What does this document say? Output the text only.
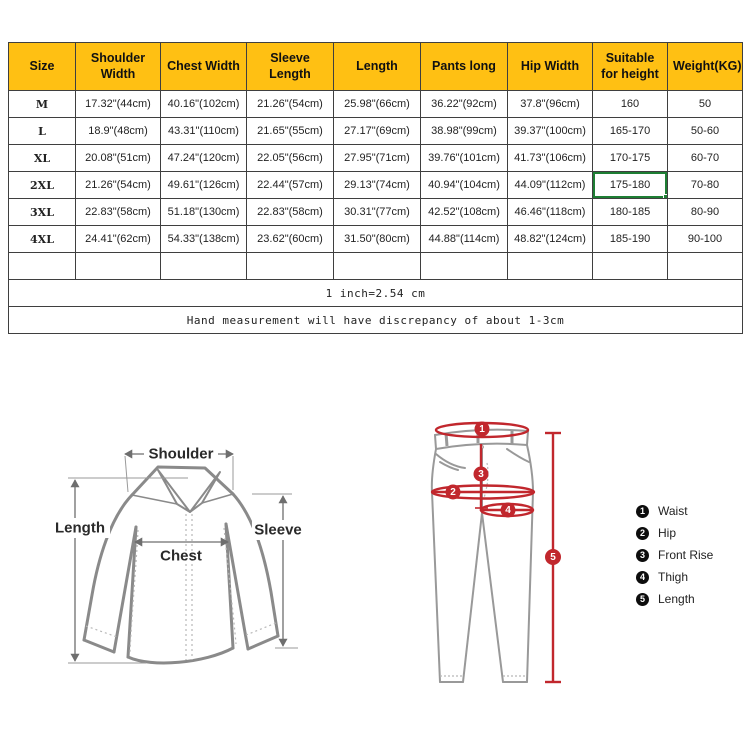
Size	Shoulder Width	Chest Width	Sleeve Length	Length	Pants long	Hip Width	Suitable for height	Weight(KG)
M	17.32"(44cm)	40.16"(102cm)	21.26"(54cm)	25.98"(66cm)	36.22"(92cm)	37.8"(96cm)	160	50
L	18.9"(48cm)	43.31"(110cm)	21.65"(55cm)	27.17"(69cm)	38.98"(99cm)	39.37"(100cm)	165-170	50-60
XL	20.08"(51cm)	47.24"(120cm)	22.05"(56cm)	27.95"(71cm)	39.76"(101cm)	41.73"(106cm)	170-175	60-70
2XL	21.26"(54cm)	49.61"(126cm)	22.44"(57cm)	29.13"(74cm)	40.94"(104cm)	44.09"(112cm)	175-180	70-80
3XL	22.83"(58cm)	51.18"(130cm)	22.83"(58cm)	30.31"(77cm)	42.52"(108cm)	46.46"(118cm)	180-185	80-90
4XL	24.41"(62cm)	54.33"(138cm)	23.62"(60cm)	31.50"(80cm)	44.88"(114cm)	48.82"(124cm)	185-190	90-100

1 inch=2.54 cm								
Hand measurement will have discrepancy of about 1-3cm								
Shoulder
Length	Sleeve
Chest
1
2
3
4
5
1	Waist
2	Hip
3	Front Rise
4	Thigh
5	Length
